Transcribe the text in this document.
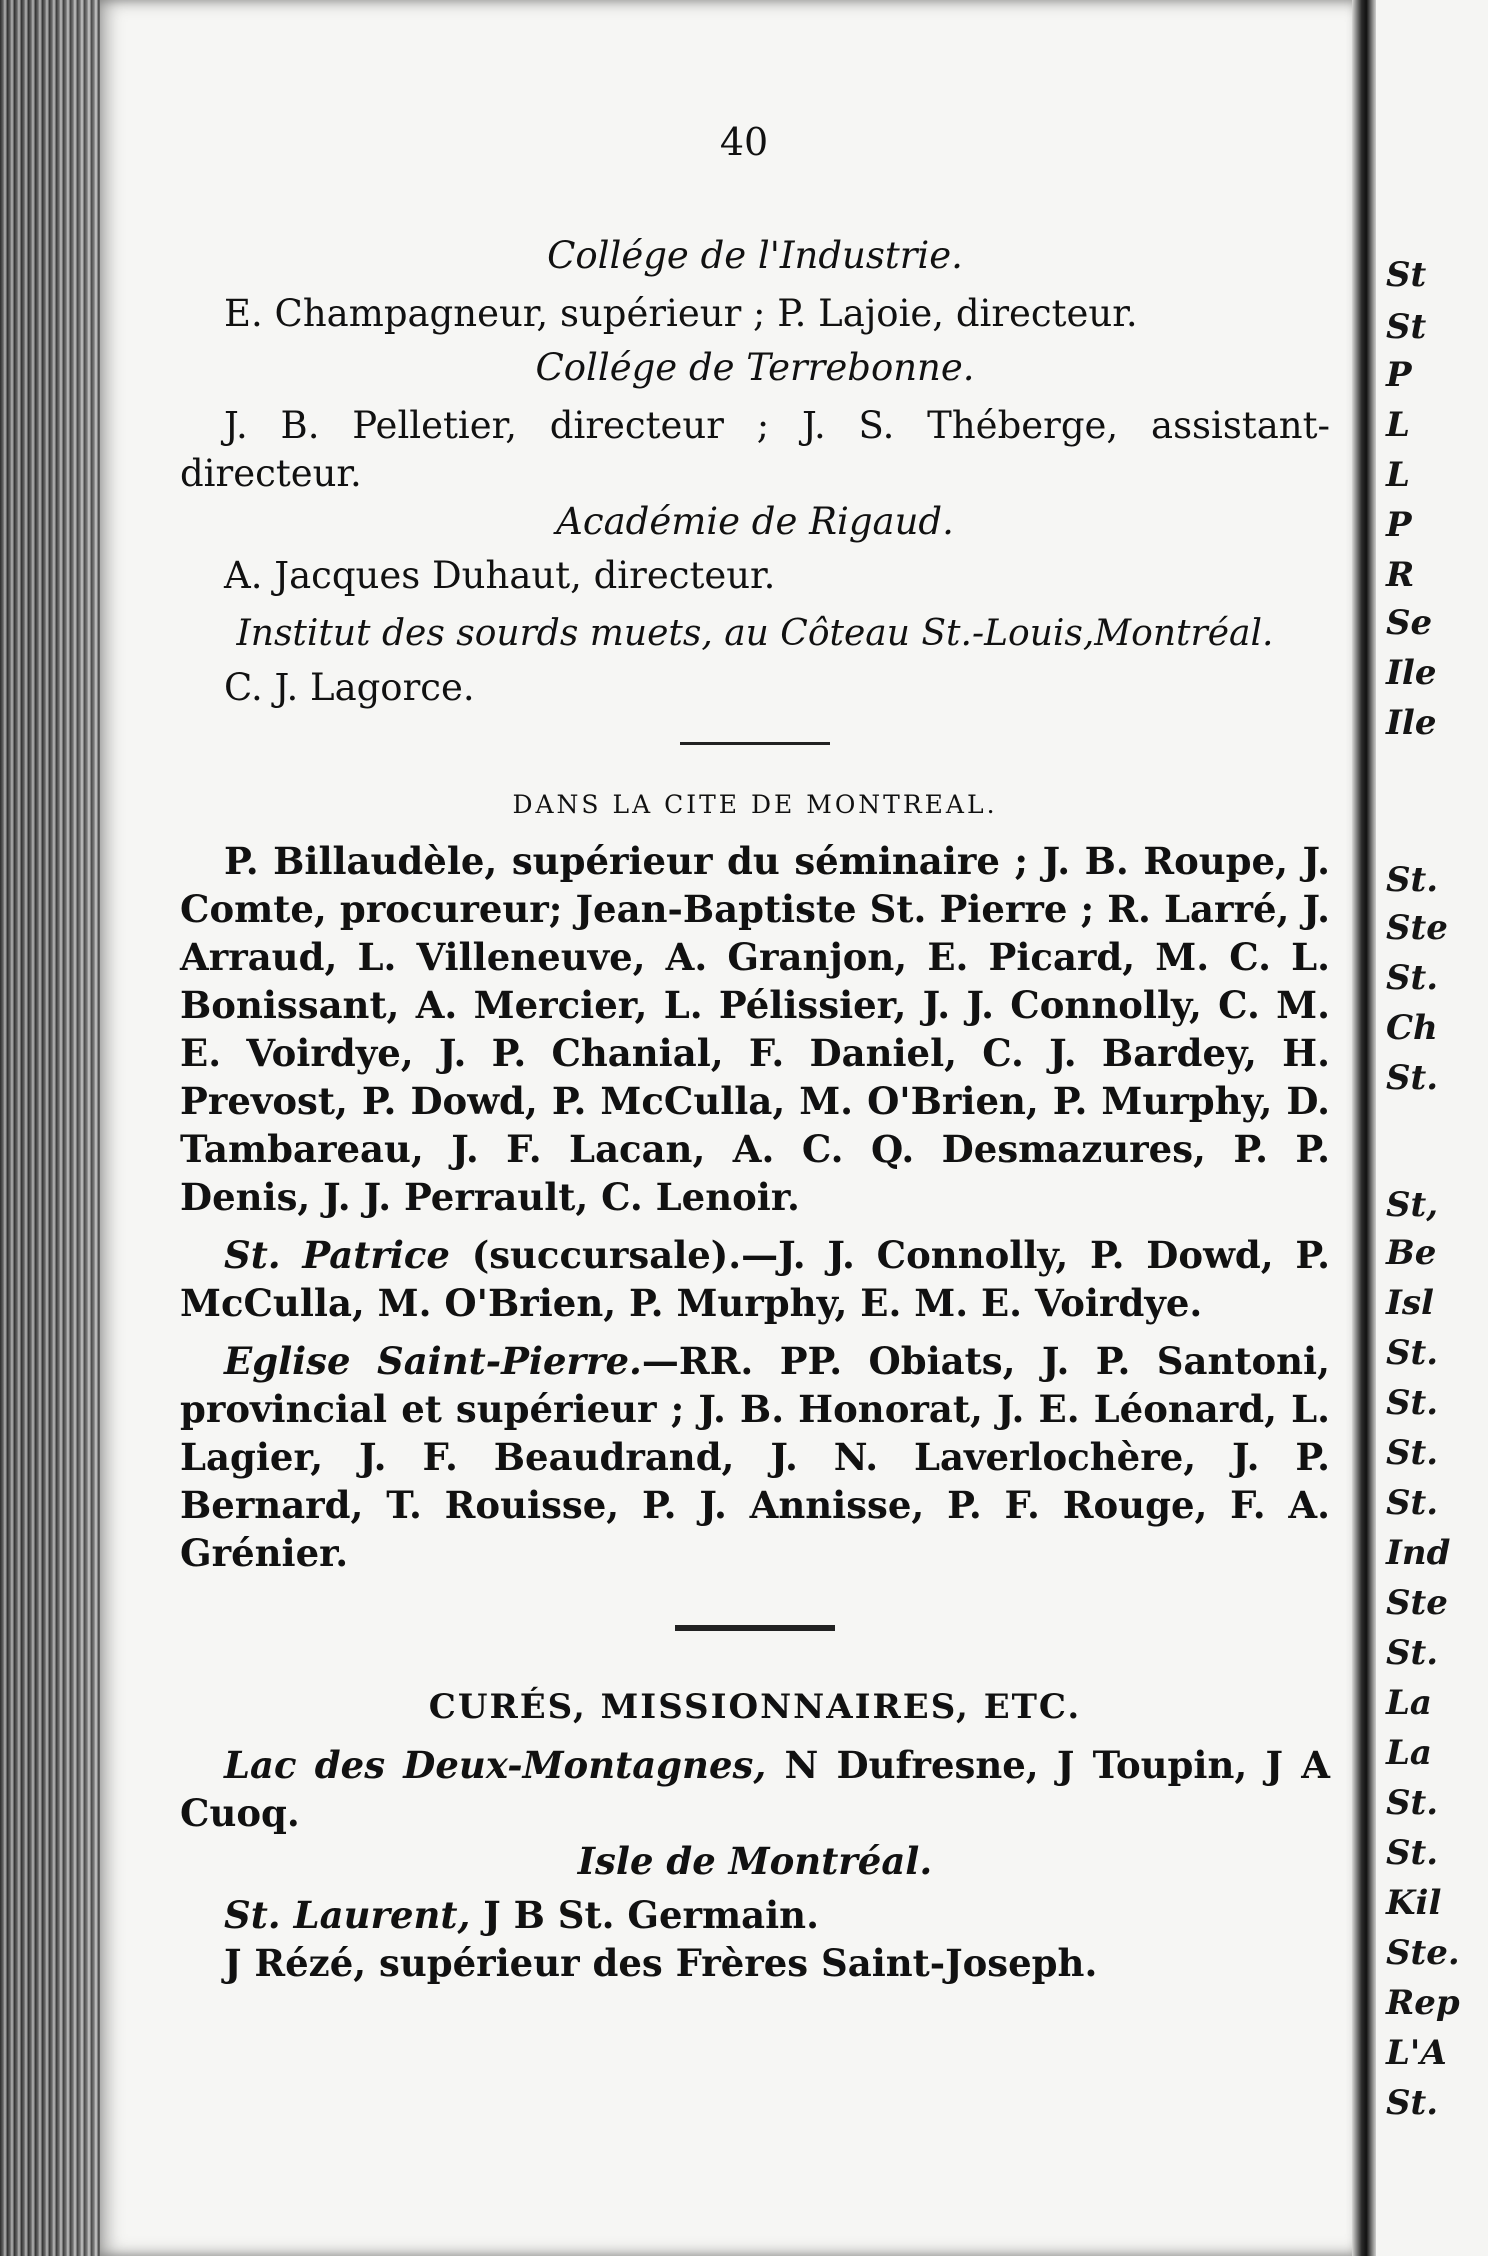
40

Collége de l'Industrie.

E. Champagneur, supérieur ; P. Lajoie, directeur.

Collége de Terrebonne.

J. B. Pelletier, directeur ; J. S. Théberge, assistant-directeur.

Académie de Rigaud.

A. Jacques Duhaut, directeur.

Institut des sourds muets, au Côteau St.-Louis,Montréal.

C. J. Lagorce.

DANS LA CITE DE MONTREAL.

P. Billaudèle, supérieur du séminaire ; J. B. Roupe, J. Comte, procureur; Jean-Baptiste St. Pierre ; R. Larré, J. Arraud, L. Villeneuve, A. Granjon, E. Picard, M. C. L. Bonissant, A. Mercier, L. Pélissier, J. J. Connolly, C. M. E. Voirdye, J. P. Chanial, F. Daniel, C. J. Bardey, H. Prevost, P. Dowd, P. McCulla, M. O'Brien, P. Murphy, D. Tambareau, J. F. Lacan, A. C. Q. Desmazures, P. P. Denis, J. J. Perrault, C. Lenoir.

St. Patrice (succursale).—J. J. Connolly, P. Dowd, P. McCulla, M. O'Brien, P. Murphy, E. M. E. Voirdye.

Eglise Saint-Pierre.—RR. PP. Obiats, J. P. Santoni, provincial et supérieur ; J. B. Honorat, J. E. Léonard, L. Lagier, J. F. Beaudrand, J. N. Laverlochère, J. P. Bernard, T. Rouisse, P. J. Annisse, P. F. Rouge, F. A. Grénier.

CURÉS, MISSIONNAIRES, ETC.

Lac des Deux-Montagnes, N Dufresne, J Toupin, J A Cuoq.

Isle de Montréal.

St. Laurent, J B St. Germain.

J Rézé, supérieur des Frères Saint-Joseph.

St
St
P
L
L
P
R
Se
Ile
Ile
St.
Ste
St.
Ch
St.
St,
Be
Isl
St.
St.
St.
St.
Ind
Ste
St.
La
La
St.
St.
Kil
Ste.
Rep
L'A
St.
